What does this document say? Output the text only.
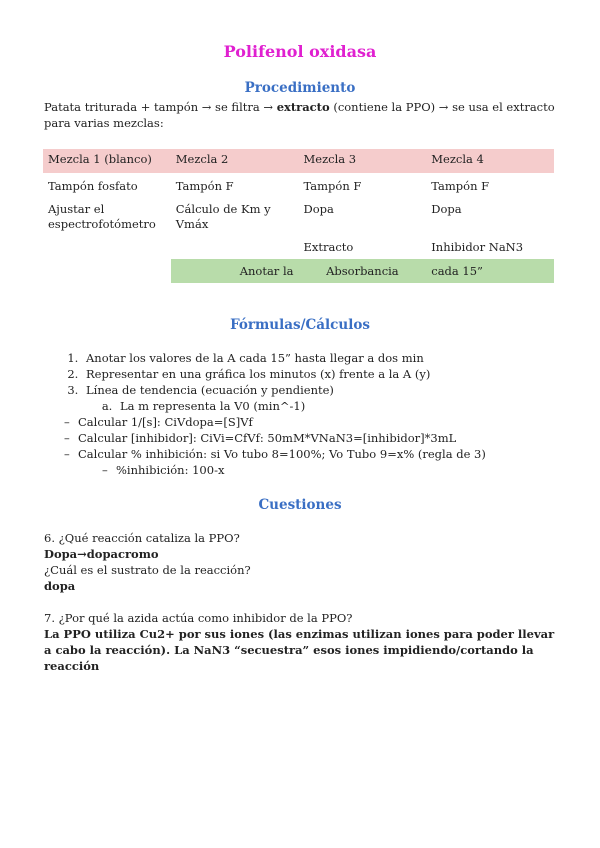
Polifenol oxidasa
Procedimiento
Patata triturada + tampón → se filtra → extracto (contiene la PPO) → se usa el extracto para varias mezclas:
Mezcla 1 (blanco)	Mezcla 2	Mezcla 3	Mezcla 4
Tampón fosfato	Tampón F	Tampón F	Tampón F
Ajustar el espectrofotómetro	Cálculo de Km y Vmáx	Dopa	Dopa
		Extracto	Inhibidor NaN3
	Anotar la	Absorbancia	cada 15”
Fórmulas/Cálculos
1. Anotar los valores de la A cada 15” hasta llegar a dos min
2. Representar en una gráfica los minutos (x) frente a la A (y)
3. Línea de tendencia (ecuación y pendiente)
a. La m representa la V0 (min^-1)
– Calcular 1/[s]: CiVdopa=[S]Vf
– Calcular [inhibidor]: CiVi=CfVf: 50mM*VNaN3=[inhibidor]*3mL
– Calcular % inhibición: si Vo tubo 8=100%; Vo Tubo 9=x% (regla de 3)
– %inhibición: 100-x
Cuestiones
6. ¿Qué reacción cataliza la PPO?
Dopa→dopacromo
¿Cuál es el sustrato de la reacción?
dopa
7. ¿Por qué la azida actúa como inhibidor de la PPO?
La PPO utiliza Cu2+ por sus iones (las enzimas utilizan iones para poder llevar a cabo la reacción). La NaN3 “secuestra” esos iones impidiendo/cortando la reacción
